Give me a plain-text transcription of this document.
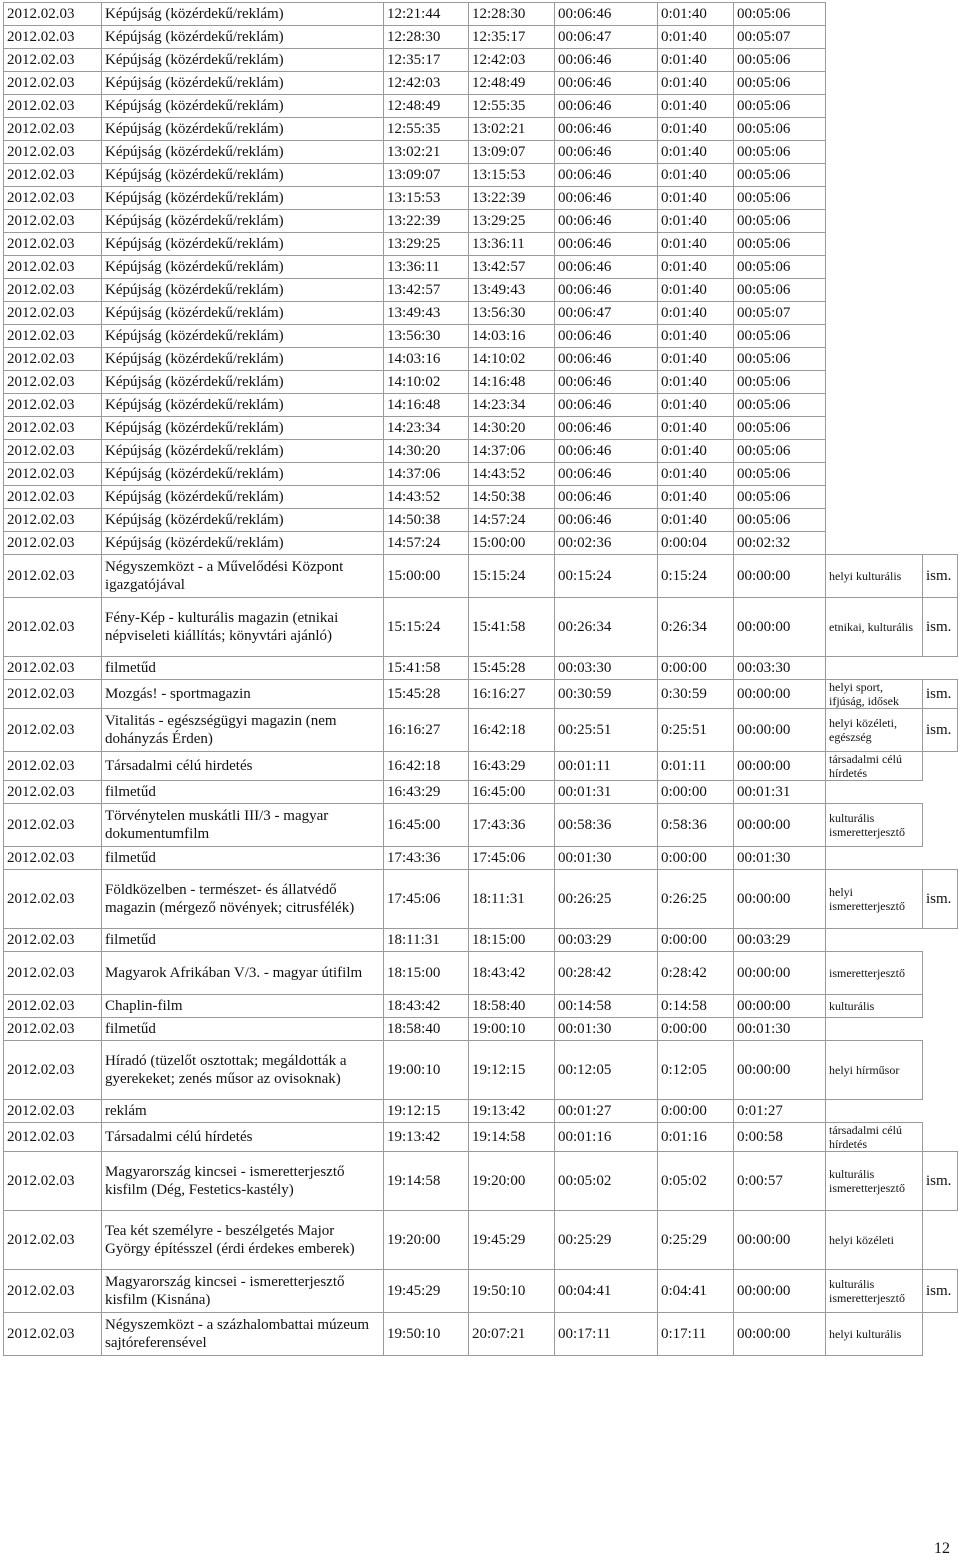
2012.02.03	Képújság (közérdekű/reklám)	12:21:44	12:28:30	00:06:46	0:01:40	00:05:06		
2012.02.03	Képújság (közérdekű/reklám)	12:28:30	12:35:17	00:06:47	0:01:40	00:05:07		
2012.02.03	Képújság (közérdekű/reklám)	12:35:17	12:42:03	00:06:46	0:01:40	00:05:06		
2012.02.03	Képújság (közérdekű/reklám)	12:42:03	12:48:49	00:06:46	0:01:40	00:05:06		
2012.02.03	Képújság (közérdekű/reklám)	12:48:49	12:55:35	00:06:46	0:01:40	00:05:06		
2012.02.03	Képújság (közérdekű/reklám)	12:55:35	13:02:21	00:06:46	0:01:40	00:05:06		
2012.02.03	Képújság (közérdekű/reklám)	13:02:21	13:09:07	00:06:46	0:01:40	00:05:06		
2012.02.03	Képújság (közérdekű/reklám)	13:09:07	13:15:53	00:06:46	0:01:40	00:05:06		
2012.02.03	Képújság (közérdekű/reklám)	13:15:53	13:22:39	00:06:46	0:01:40	00:05:06		
2012.02.03	Képújság (közérdekű/reklám)	13:22:39	13:29:25	00:06:46	0:01:40	00:05:06		
2012.02.03	Képújság (közérdekű/reklám)	13:29:25	13:36:11	00:06:46	0:01:40	00:05:06		
2012.02.03	Képújság (közérdekű/reklám)	13:36:11	13:42:57	00:06:46	0:01:40	00:05:06		
2012.02.03	Képújság (közérdekű/reklám)	13:42:57	13:49:43	00:06:46	0:01:40	00:05:06		
2012.02.03	Képújság (közérdekű/reklám)	13:49:43	13:56:30	00:06:47	0:01:40	00:05:07		
2012.02.03	Képújság (közérdekű/reklám)	13:56:30	14:03:16	00:06:46	0:01:40	00:05:06		
2012.02.03	Képújság (közérdekű/reklám)	14:03:16	14:10:02	00:06:46	0:01:40	00:05:06		
2012.02.03	Képújság (közérdekű/reklám)	14:10:02	14:16:48	00:06:46	0:01:40	00:05:06		
2012.02.03	Képújság (közérdekű/reklám)	14:16:48	14:23:34	00:06:46	0:01:40	00:05:06		
2012.02.03	Képújság (közérdekű/reklám)	14:23:34	14:30:20	00:06:46	0:01:40	00:05:06		
2012.02.03	Képújság (közérdekű/reklám)	14:30:20	14:37:06	00:06:46	0:01:40	00:05:06		
2012.02.03	Képújság (közérdekű/reklám)	14:37:06	14:43:52	00:06:46	0:01:40	00:05:06		
2012.02.03	Képújság (közérdekű/reklám)	14:43:52	14:50:38	00:06:46	0:01:40	00:05:06		
2012.02.03	Képújság (közérdekű/reklám)	14:50:38	14:57:24	00:06:46	0:01:40	00:05:06		
2012.02.03	Képújság (közérdekű/reklám)	14:57:24	15:00:00	00:02:36	0:00:04	00:02:32		
2012.02.03	Négyszemközt - a Művelődési Központ igazgatójával	15:00:00	15:15:24	00:15:24	0:15:24	00:00:00	helyi kulturális	ism.
2012.02.03	Fény-Kép - kulturális magazin (etnikai népviseleti kiállítás; könyvtári ajánló)	15:15:24	15:41:58	00:26:34	0:26:34	00:00:00	etnikai, kulturális	ism.
2012.02.03	filmetűd	15:41:58	15:45:28	00:03:30	0:00:00	00:03:30		
2012.02.03	Mozgás! - sportmagazin	15:45:28	16:16:27	00:30:59	0:30:59	00:00:00	helyi sport, ifjúság, idősek	ism.
2012.02.03	Vitalitás - egészségügyi magazin (nem dohányzás Érden)	16:16:27	16:42:18	00:25:51	0:25:51	00:00:00	helyi közéleti, egészség	ism.
2012.02.03	Társadalmi célú hirdetés	16:42:18	16:43:29	00:01:11	0:01:11	00:00:00	társadalmi célú hírdetés	
2012.02.03	filmetűd	16:43:29	16:45:00	00:01:31	0:00:00	00:01:31		
2012.02.03	Törvénytelen muskátli III/3 - magyar dokumentumfilm	16:45:00	17:43:36	00:58:36	0:58:36	00:00:00	kulturális ismeretterjesztő	
2012.02.03	filmetűd	17:43:36	17:45:06	00:01:30	0:00:00	00:01:30		
2012.02.03	Földközelben - természet- és állatvédő magazin (mérgező növények; citrusfélék)	17:45:06	18:11:31	00:26:25	0:26:25	00:00:00	helyi ismeretterjesztő	ism.
2012.02.03	filmetűd	18:11:31	18:15:00	00:03:29	0:00:00	00:03:29		
2012.02.03	Magyarok Afrikában V/3. - magyar útifilm	18:15:00	18:43:42	00:28:42	0:28:42	00:00:00	ismeretterjesztő	
2012.02.03	Chaplin-film	18:43:42	18:58:40	00:14:58	0:14:58	00:00:00	kulturális	
2012.02.03	filmetűd	18:58:40	19:00:10	00:01:30	0:00:00	00:01:30		
2012.02.03	Híradó (tüzelőt osztottak; megáldották a gyerekeket; zenés műsor az ovisoknak)	19:00:10	19:12:15	00:12:05	0:12:05	00:00:00	helyi hírműsor	
2012.02.03	reklám	19:12:15	19:13:42	00:01:27	0:00:00	0:01:27		
2012.02.03	Társadalmi célú hírdetés	19:13:42	19:14:58	00:01:16	0:01:16	0:00:58	társadalmi célú hírdetés	
2012.02.03	Magyarország kincsei - ismeretterjesztő kisfilm (Dég, Festetics-kastély)	19:14:58	19:20:00	00:05:02	0:05:02	0:00:57	kulturális ismeretterjesztő	ism.
2012.02.03	Tea két személyre - beszélgetés Major György építésszel (érdi érdekes emberek)	19:20:00	19:45:29	00:25:29	0:25:29	00:00:00	helyi közéleti	
2012.02.03	Magyarország kincsei - ismeretterjesztő kisfilm (Kisnána)	19:45:29	19:50:10	00:04:41	0:04:41	00:00:00	kulturális ismeretterjesztő	ism.
2012.02.03	Négyszemközt - a százhalombattai múzeum sajtóreferensével	19:50:10	20:07:21	00:17:11	0:17:11	00:00:00	helyi kulturális	
12
